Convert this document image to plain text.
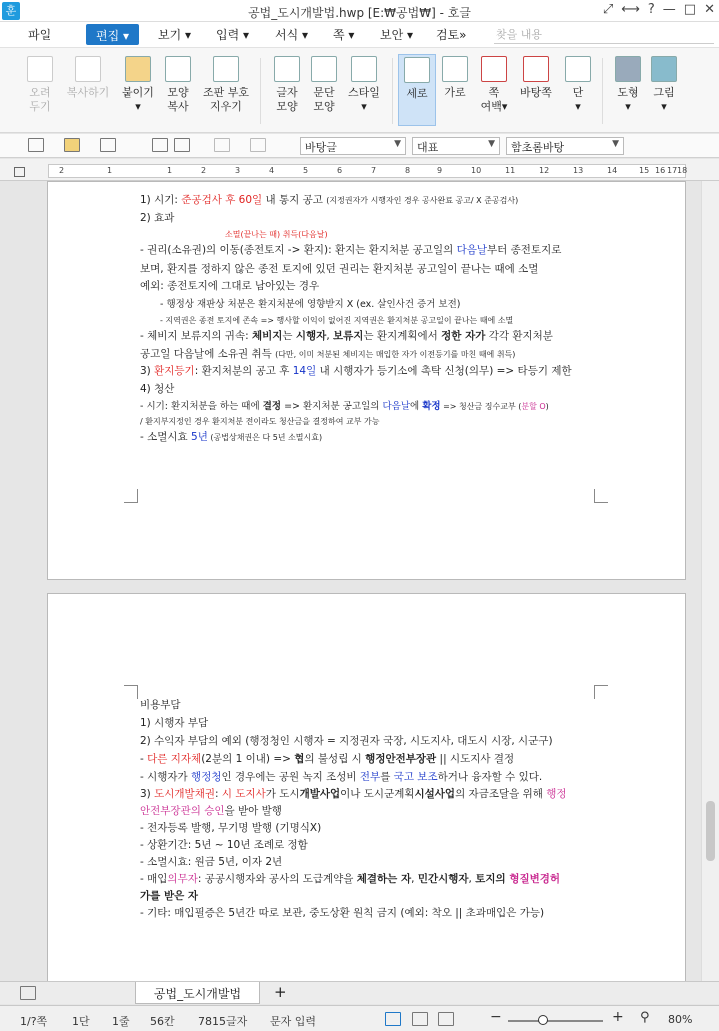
훈	공법_도시개발법.hwp [E:₩공법₩] - 호글	⤢ ⟷ ? — □ ✕
파일	편집 ▾	보기 ▾ 입력 ▾ 서식 ▾ 쪽 ▾ 보안 ▾ 검토»	찾을 내용
오려
두기
복사하기	붙이기
▾
모양
복사
조판 부호
지우기
글자
모양
문단
모양
스타일
▾
세로	가로	쪽
여백▾
바탕쪽	단
▾
도형
▾
그림
▾
바탕글	▼	대표	▼	함초롬바탕	▼
2	1	1	2	3	4	5	6	7	8	9	10	11	12	13	14	15 16 17 18
1) 시기: 준공검사 후 60일 내 통지 공고 (지정권자가 시행자인 경우 공사완료 공고/ X 준공검사)
2) 효과
소멸(끝나는 때) 취득(다음날)
- 권리(소유권)의 이동(종전토지 -> 환지): 환지는 환지처분 공고일의 다음날부터 종전토지로
보며, 환지를 정하지 않은 종전 토지에 있던 권리는 환지처분 공고일이 끝나는 때에 소멸
예외: 종전토지에 그대로 남아있는 경우
- 행정상 재판상 처분은 환지처분에 영향받지 X (ex. 살인사건 증거 보전)
- 지역권은 종전 토지에 존속 => 행사할 이익이 없어진 지역권은 환지처분 공고일이 끝나는 때에 소멸
- 체비지 보류지의 귀속: 체비지는 시행자, 보류지는 환지계획에서 정한 자가 각각 환지처분
공고일 다음날에 소유권 취득 (다만, 이미 처분된 체비지는 매입한 자가 이전등기를 마친 때에 취득)
3) 환지등기: 환지처분의 공고 후 14일 내 시행자가 등기소에 촉탁 신청(의무) => 타등기 제한
4) 청산
- 시기: 환지처분을 하는 때에 결정 => 환지처분 공고일의 다음날에 확정 => 청산금 징수교부 (분할 O)
/ 환지부지정인 경우 환지처분 전이라도 청산금을 결정하여 교부 가능
- 소멸시효 5년 (공법상채권은 다 5년 소멸시효)
비용부담
1) 시행자 부담
2) 수익자 부담의 예외 (행정청인 시행자 = 지정권자 국장, 시도지사, 대도시 시장, 시군구)
- 다른 지자체(2분의 1 이내) => 협의 불성립 시 행정안전부장관 || 시도지사 결정
- 시행자가 행정청인 경우에는 공원 녹지 조성비 전부를 국고 보조하거나 융자할 수 있다.
3) 도시개발채권: 시 도지사가 도시개발사업이나 도시군계획시설사업의 자금조달을 위해 행정
안전부장관의 승인을 받아 발행
- 전자등록 발행, 무기명 발행 (기명식X)
- 상환기간: 5년 ~ 10년 조례로 정함
- 소멸시효: 원금 5년, 이자 2년
- 매입의무자: 공공시행자와 공사의 도급계약을 체결하는 자, 민간시행자, 토지의 형질변경허
가를 받은 자
- 기타: 매입필증은 5년간 따로 보관, 중도상환 원칙 금지 (예외: 착오 || 초과매입은 가능)
공법_도시개발법	+
1/?쪽 1단 1줄 56칸 7815글자 문자 입력	−	+ ⚲ 80%
